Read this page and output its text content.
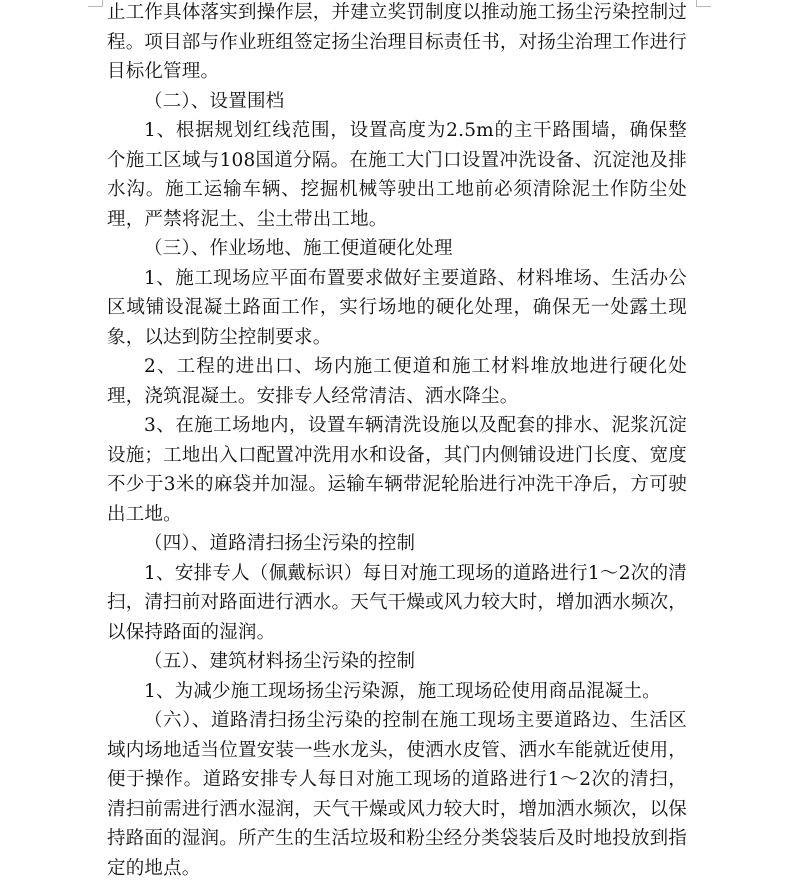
止工作具体落实到操作层，并建立奖罚制度以推动施工扬尘污染控制过程。项目部与作业班组签定扬尘治理目标责任书，对扬尘治理工作进行目标化管理。

（二）、设置围档

1、根据规划红线范围，设置高度为2.5m的主干路围墙，确保整个施工区域与108国道分隔。在施工大门口设置冲洗设备、沉淀池及排水沟。施工运输车辆、挖掘机械等驶出工地前必须清除泥土作防尘处理，严禁将泥土、尘土带出工地。

（三）、作业场地、施工便道硬化处理

1、施工现场应平面布置要求做好主要道路、材料堆场、生活办公区域铺设混凝土路面工作，实行场地的硬化处理，确保无一处露土现象，以达到防尘控制要求。

2、工程的进出口、场内施工便道和施工材料堆放地进行硬化处理，浇筑混凝土。安排专人经常清洁、洒水降尘。

3、在施工场地内，设置车辆清洗设施以及配套的排水、泥浆沉淀设施；工地出入口配置冲洗用水和设备，其门内侧铺设进门长度、宽度不少于3米的麻袋并加湿。运输车辆带泥轮胎进行冲洗干净后，方可驶出工地。

（四）、道路清扫扬尘污染的控制

1、安排专人（佩戴标识）每日对施工现场的道路进行1～2次的清扫，清扫前对路面进行洒水。天气干燥或风力较大时，增加洒水频次，以保持路面的湿润。

（五）、建筑材料扬尘污染的控制

1、为减少施工现场扬尘污染源，施工现场砼使用商品混凝土。

（六）、道路清扫扬尘污染的控制在施工现场主要道路边、生活区域内场地适当位置安装一些水龙头，使洒水皮管、洒水车能就近使用，便于操作。道路安排专人每日对施工现场的道路进行1～2次的清扫，清扫前需进行洒水湿润，天气干燥或风力较大时，增加洒水频次，以保持路面的湿润。所产生的生活垃圾和粉尘经分类袋装后及时地投放到指定的地点。
